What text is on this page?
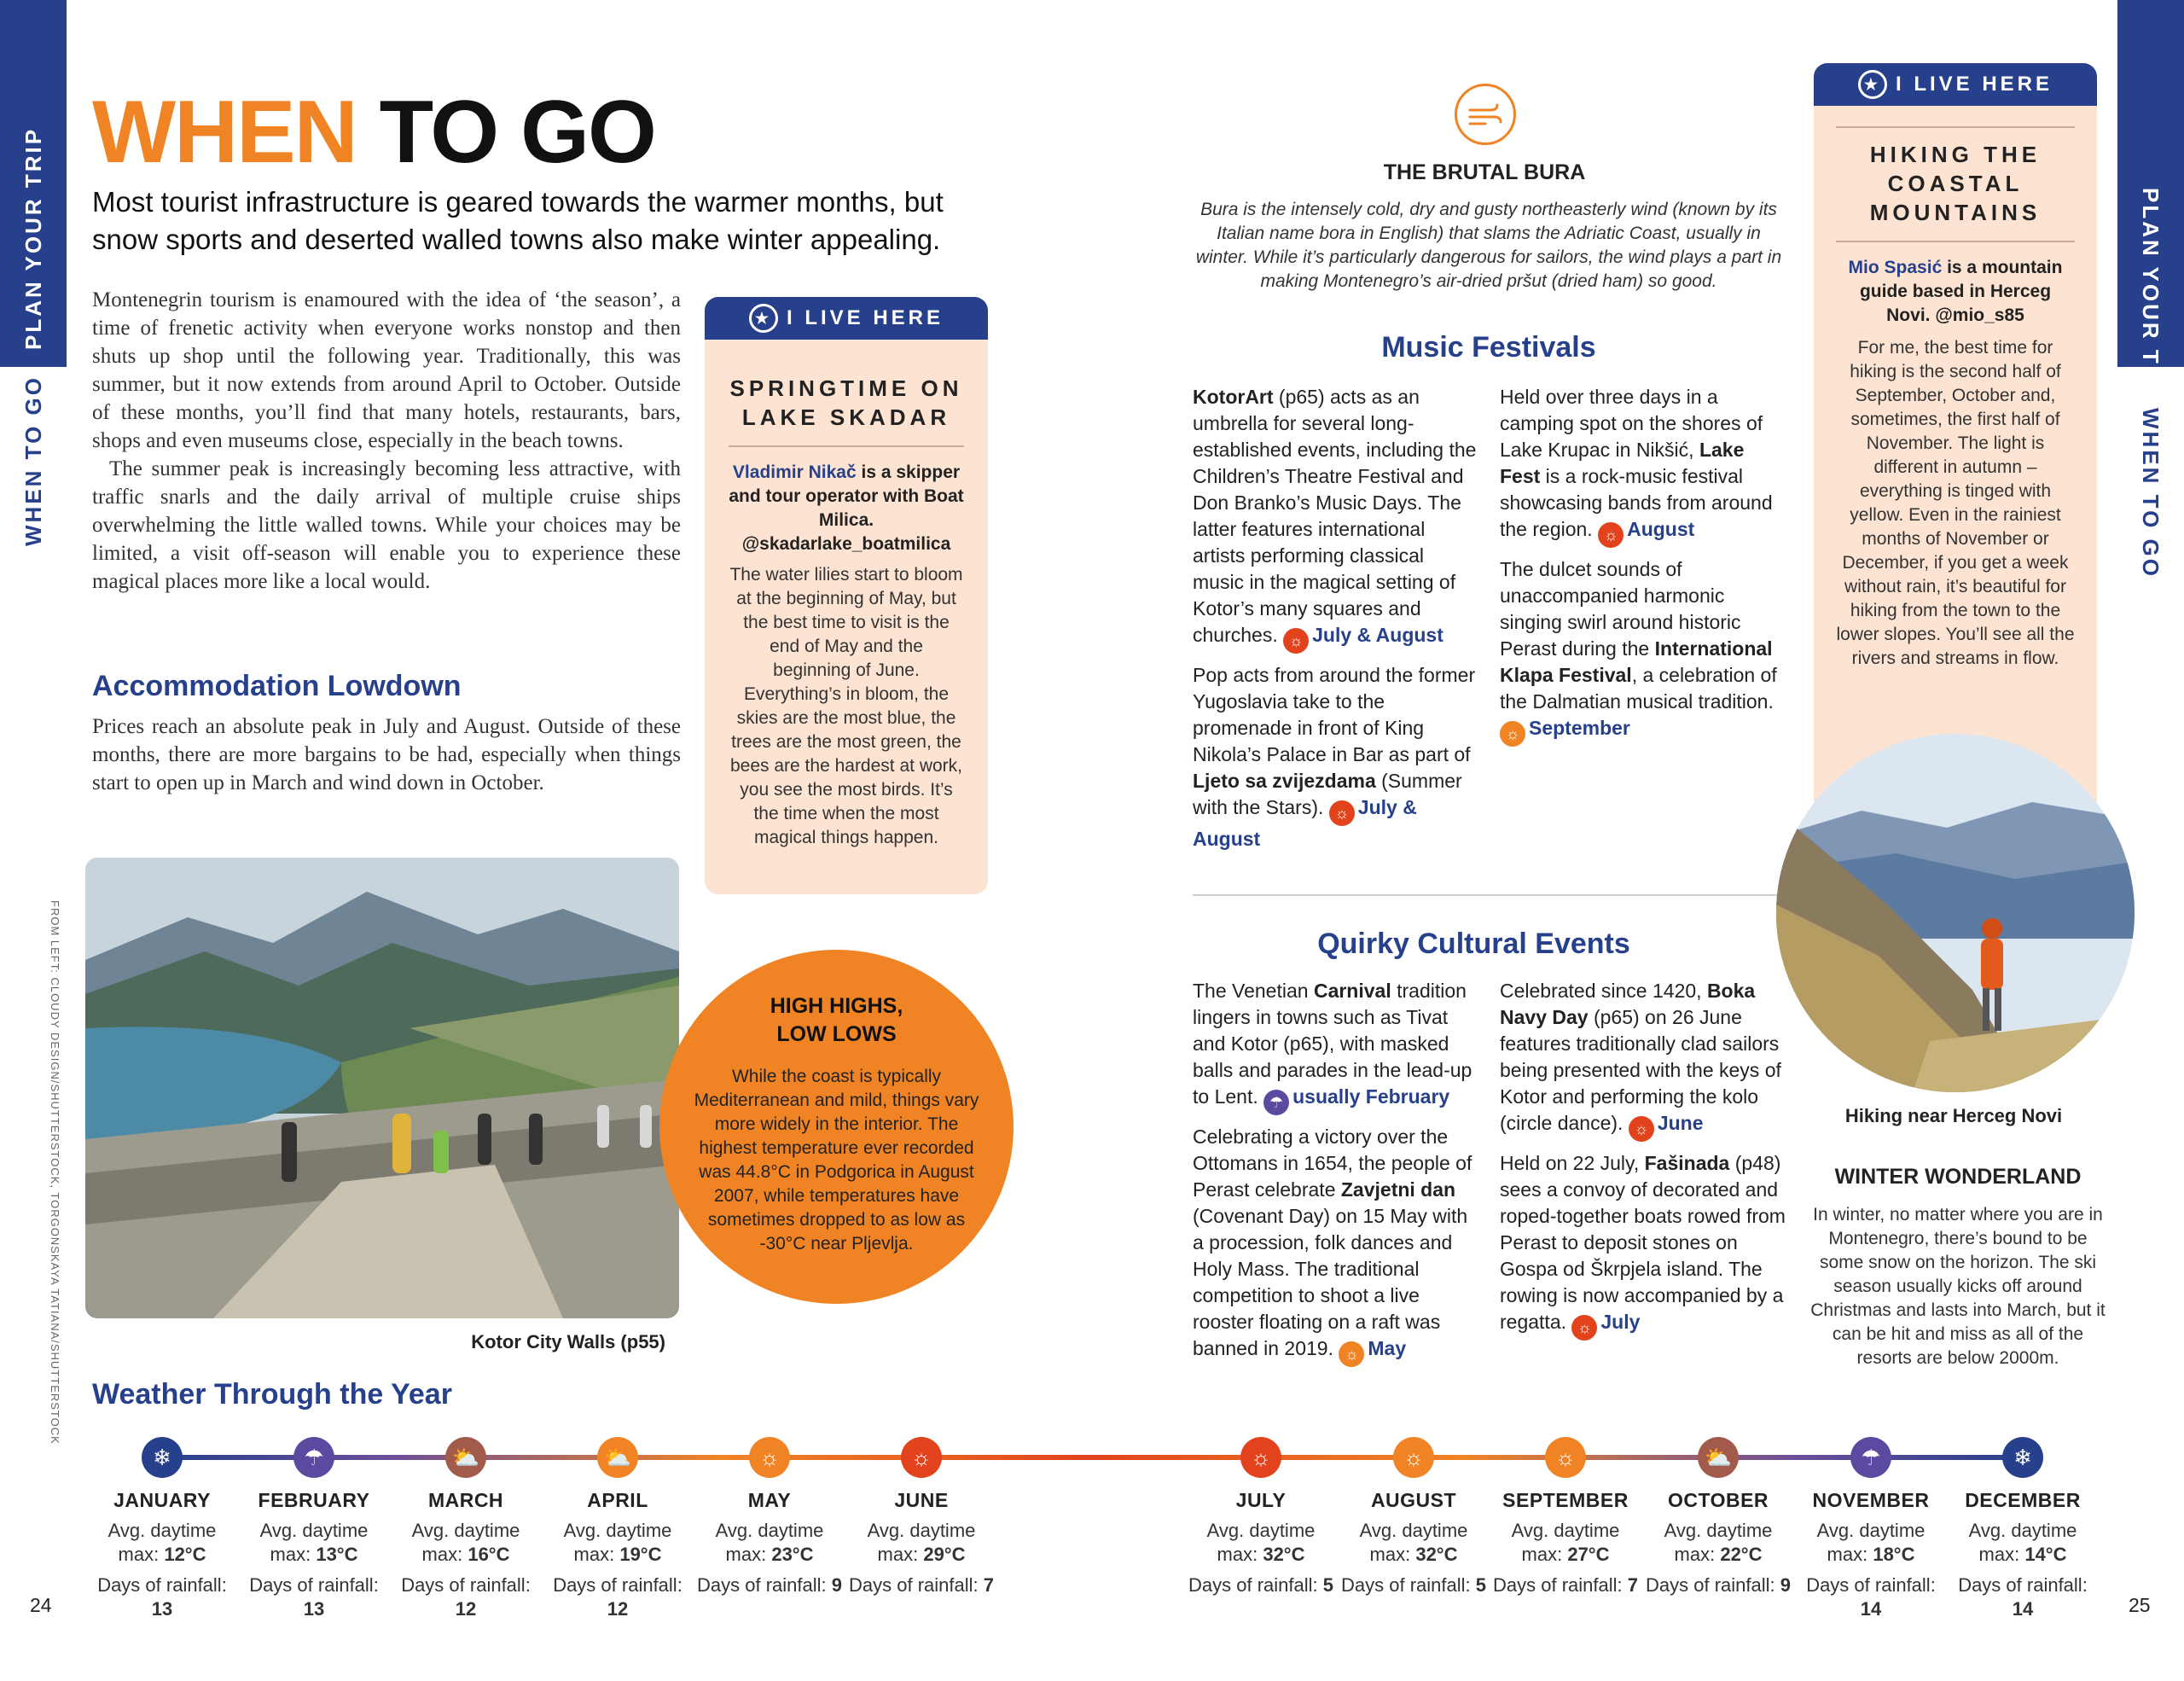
PLAN YOUR TRIP
WHEN TO GO
PLAN YOUR TRIP
WHEN TO GO
WHEN TO GO
Most tourist infrastructure is geared towards the warmer months, but snow sports and deserted walled towns also make winter appealing.

Montenegrin tourism is enamoured with the idea of ‘the season’, a time of frenetic activity when everyone works nonstop and then shuts up shop until the following year. Traditionally, this was summer, but it now extends from around April to October. Outside of these months, you’ll find that many hotels, restaurants, bars, shops and even museums close, especially in the beach towns.

The summer peak is increasingly becoming less attractive, with traffic snarls and the daily arrival of multiple cruise ships overwhelming the little walled towns. While your choices may be limited, a visit off-season will enable you to experience these magical places more like a local would.

Accommodation Lowdown
Prices reach an absolute peak in July and August. Outside of these months, there are more bargains to be had, especially when things start to open up in March and wind down in October.
★ I LIVE HERE
SPRINGTIME ON LAKE SKADAR
Vladimir Nikač is a skipper and tour operator with Boat Milica. @skadarlake_boatmilica
The water lilies start to bloom at the beginning of May, but the best time to visit is the end of May and the beginning of June. Everything’s in bloom, the skies are the most blue, the trees are the most green, the bees are the hardest at work, you see the most birds. It’s the time when the most magical things happen.
Kotor City Walls (p55)
FROM LEFT: CLOUDY DESIGN/SHUTTERSTOCK, TORGONSKAYA TATIANA/SHUTTERSTOCK	HIGH HIGHS, LOW LOWS
While the coast is typically Mediterranean and mild, things vary more widely in the interior. The highest temperature ever recorded was 44.8°C in Podgorica in August 2007, while temperatures have sometimes dropped to as low as -30°C near Pljevlja.
THE BRUTAL BURA
Bura is the intensely cold, dry and gusty northeasterly wind (known by its Italian name bora in English) that slams the Adriatic Coast, usually in winter. While it’s particularly dangerous for sailors, the wind plays a part in making Montenegro’s air-dried pršut (dried ham) so good.
Music Festivals

KotorArt (p65) acts as an umbrella for several long-established events, including the Children’s Theatre Festival and Don Branko’s Music Days. The latter features international artists performing classical music in the magical setting of Kotor’s many squares and churches. ☼ July & August

Pop acts from around the former Yugoslavia take to the promenade in front of King Nikola’s Palace in Bar as part of Ljeto sa zvijezdama (Summer with the Stars). ☼ July & August

Held over three days in a camping spot on the shores of Lake Krupac in Nikšić, Lake Fest is a rock-music festival showcasing bands from around the region. ☼ August

The dulcet sounds of unaccompanied harmonic singing swirl around historic Perast during the International Klapa Festival, a celebration of the Dalmatian musical tradition. ☼ September

Quirky Cultural Events

The Venetian Carnival tradition lingers in towns such as Tivat and Kotor (p65), with masked balls and parades in the lead-up to Lent. ☂ usually February

Celebrating a victory over the Ottomans in 1654, the people of Perast celebrate Zavjetni dan (Covenant Day) on 15 May with a procession, folk dances and Holy Mass. The traditional competition to shoot a live rooster floating on a raft was banned in 2019. ☼ May

Celebrated since 1420, Boka Navy Day (p65) on 26 June features traditionally clad sailors being presented with the keys of Kotor and performing the kolo (circle dance). ☼ June

Held on 22 July, Fašinada (p48) sees a convoy of decorated and roped-together boats rowed from Perast to deposit stones on Gospa od Škrpjela island. The rowing is now accompanied by a regatta. ☼ July

★ I LIVE HERE
HIKING THE COASTAL MOUNTAINS
Mio Spasić is a mountain guide based in Herceg Novi. @mio_s85
For me, the best time for hiking is the second half of September, October and, sometimes, the first half of November. The light is different in autumn – everything is tinged with yellow. Even in the rainiest months of November or December, if you get a week without rain, it’s beautiful for hiking from the town to the lower slopes. You’ll see all the rivers and streams in flow.
Hiking near Herceg Novi
WINTER WONDERLAND
In winter, no matter where you are in Montenegro, there’s bound to be some snow on the horizon. The ski season usually kicks off around Christmas and lasts into March, but it can be hit and miss as all of the resorts are below 2000m.
Weather Through the Year
❄
JANUARY
Avg. daytime max: 12°C
Days of rainfall: 13
☂
FEBRUARY
Avg. daytime max: 13°C
Days of rainfall: 13
⛅
MARCH
Avg. daytime max: 16°C
Days of rainfall: 12
⛅
APRIL
Avg. daytime max: 19°C
Days of rainfall: 12
☼
MAY
Avg. daytime max: 23°C
Days of rainfall: 9
☼
JUNE
Avg. daytime max: 29°C
Days of rainfall: 7
☼
JULY
Avg. daytime max: 32°C
Days of rainfall: 5
☼
AUGUST
Avg. daytime max: 32°C
Days of rainfall: 5
☼
SEPTEMBER
Avg. daytime max: 27°C
Days of rainfall: 7
⛅
OCTOBER
Avg. daytime max: 22°C
Days of rainfall: 9
☂
NOVEMBER
Avg. daytime max: 18°C
Days of rainfall: 14
❄
DECEMBER
Avg. daytime max: 14°C
Days of rainfall: 14
24	25
